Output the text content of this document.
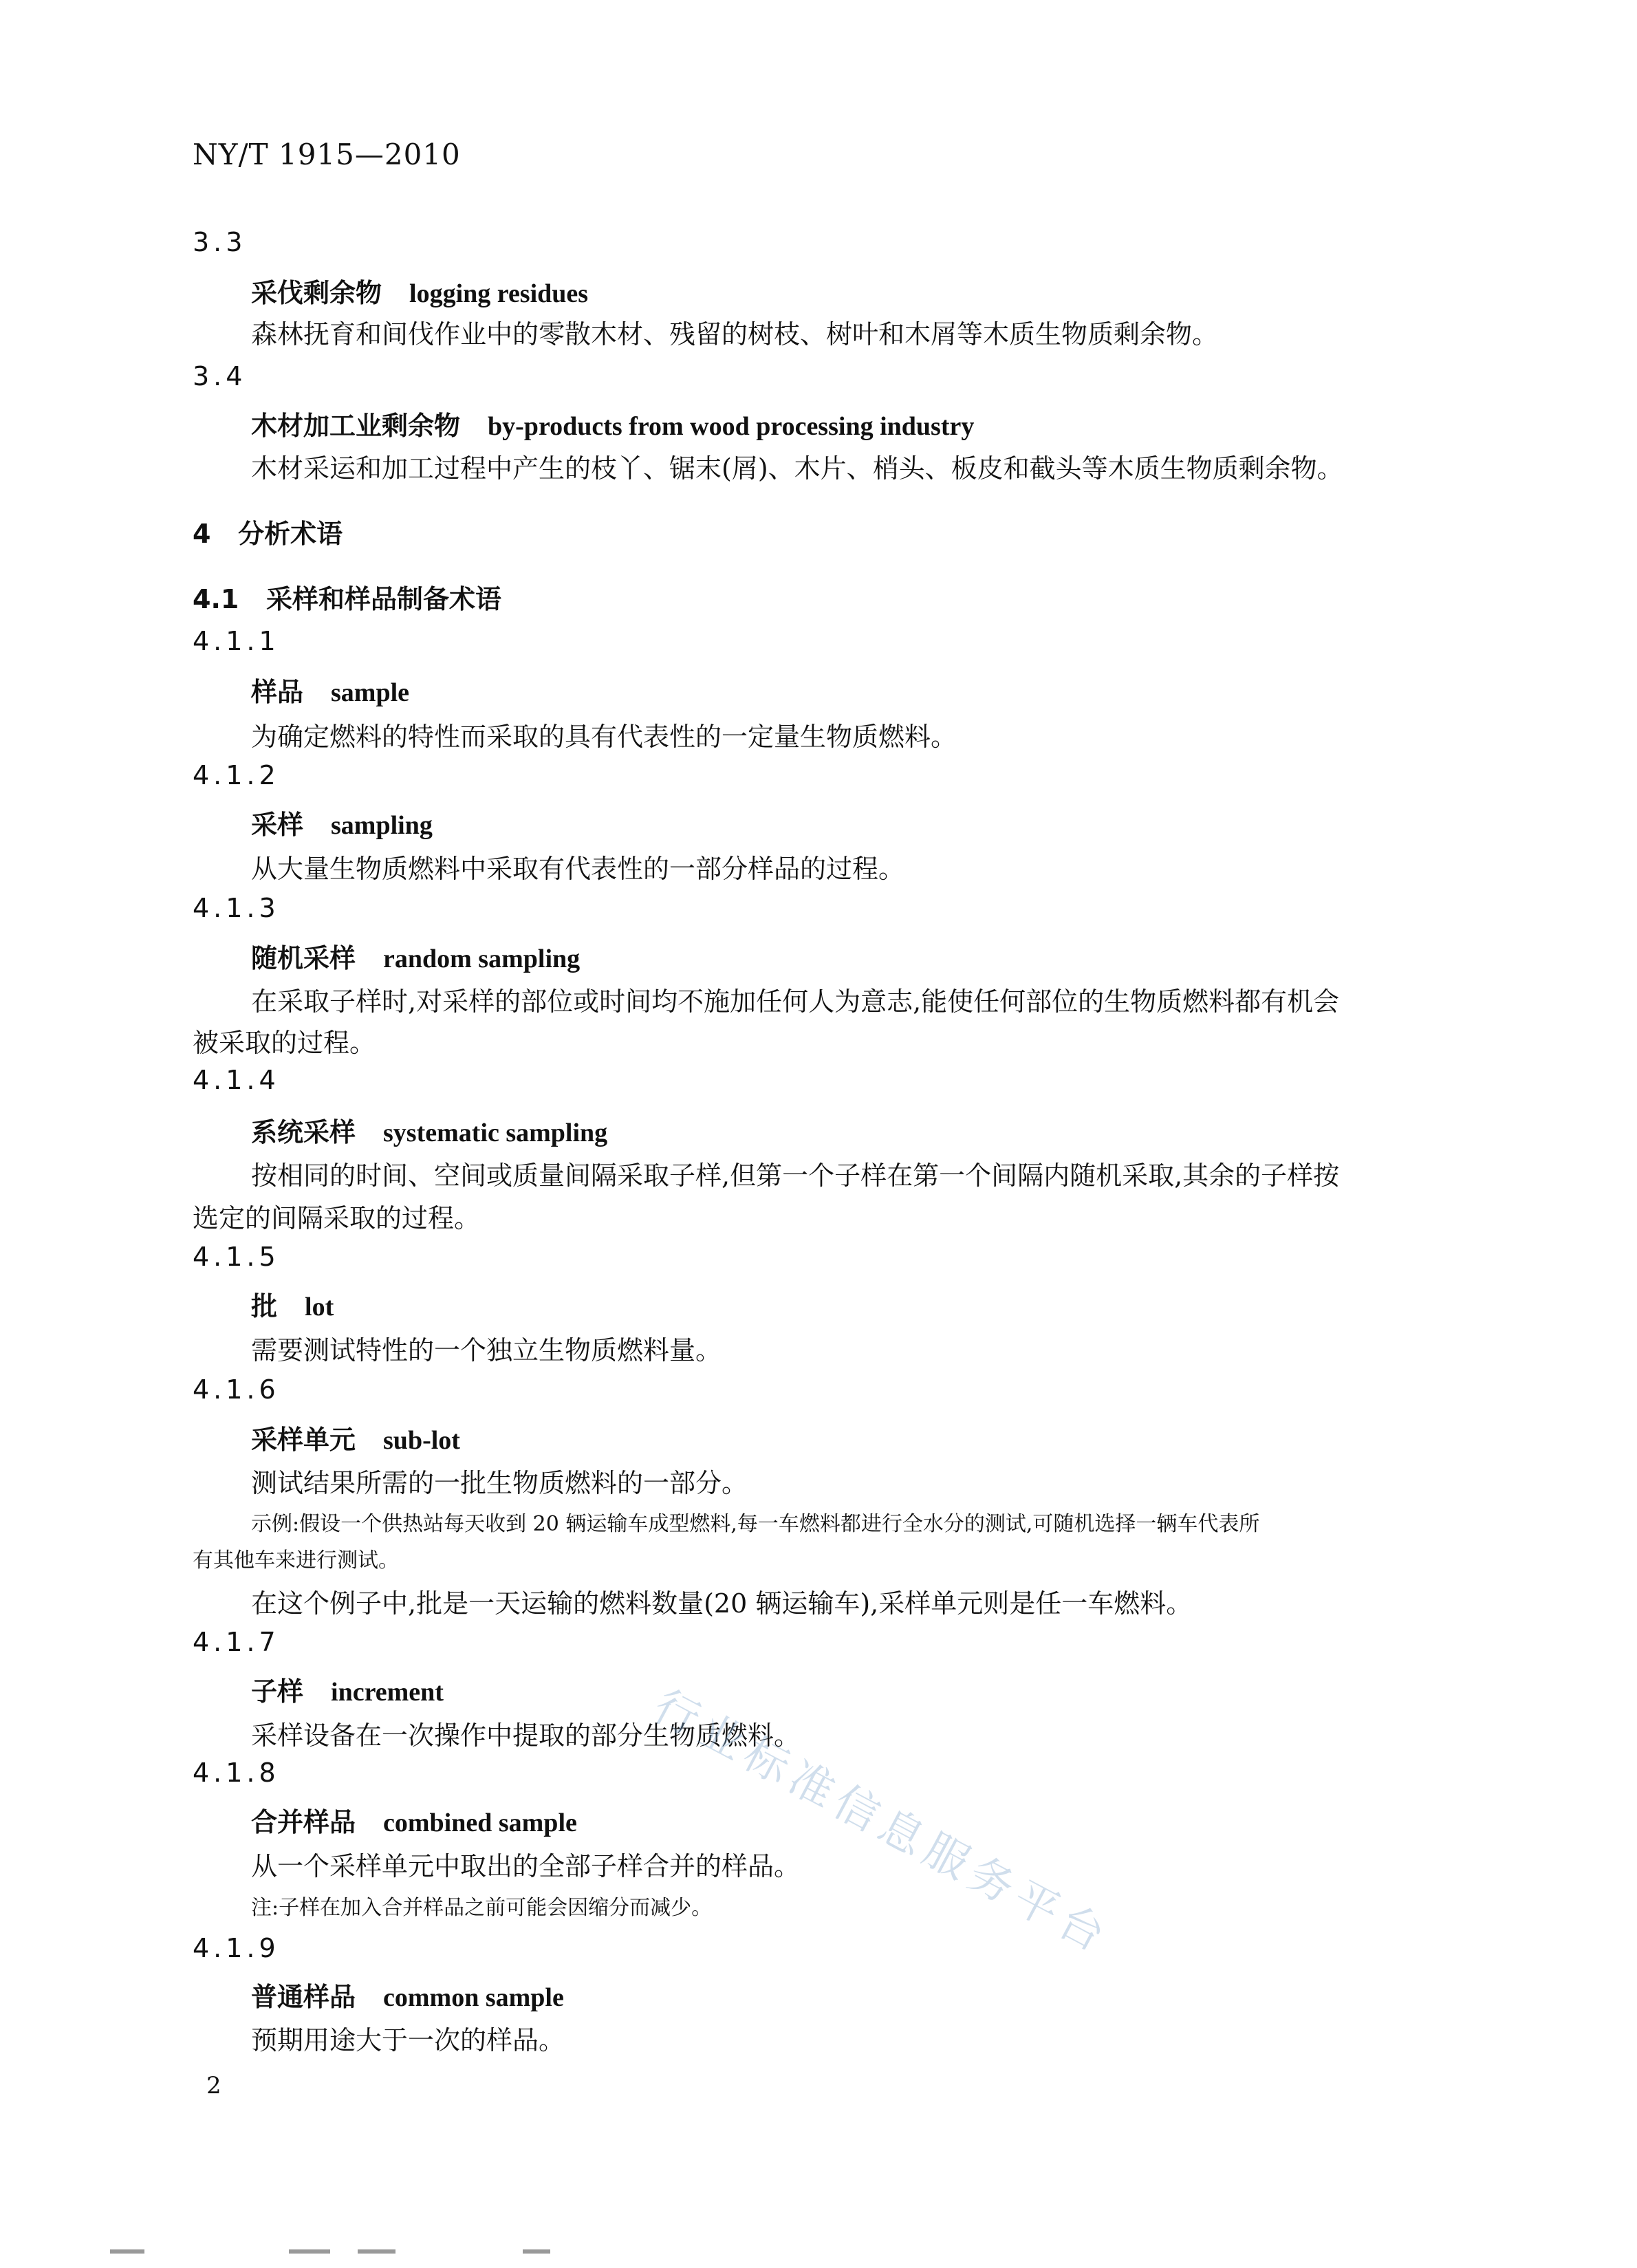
NY/T 1915—2010
3.3
采伐剩余物 logging residues
森林抚育和间伐作业中的零散木材、残留的树枝、树叶和木屑等木质生物质剩余物。
3.4
木材加工业剩余物 by-products from wood processing industry
木材采运和加工过程中产生的枝丫、锯末(屑)、木片、梢头、板皮和截头等木质生物质剩余物。
4   分析术语
4.1   采样和样品制备术语
4.1.1
样品 sample
为确定燃料的特性而采取的具有代表性的一定量生物质燃料。
4.1.2
采样 sampling
从大量生物质燃料中采取有代表性的一部分样品的过程。
4.1.3
随机采样 random sampling
在采取子样时,对采样的部位或时间均不施加任何人为意志,能使任何部位的生物质燃料都有机会
被采取的过程。
4.1.4
系统采样 systematic sampling
按相同的时间、空间或质量间隔采取子样,但第一个子样在第一个间隔内随机采取,其余的子样按
选定的间隔采取的过程。
4.1.5
批 lot
需要测试特性的一个独立生物质燃料量。
4.1.6
采样单元 sub-lot
测试结果所需的一批生物质燃料的一部分。
示例:假设一个供热站每天收到 20 辆运输车成型燃料,每一车燃料都进行全水分的测试,可随机选择一辆车代表所
有其他车来进行测试。
在这个例子中,批是一天运输的燃料数量(20 辆运输车),采样单元则是任一车燃料。
4.1.7
子样 increment
采样设备在一次操作中提取的部分生物质燃料。
4.1.8
合并样品 combined sample
从一个采样单元中取出的全部子样合并的样品。
注:子样在加入合并样品之前可能会因缩分而减少。
4.1.9
普通样品 common sample
预期用途大于一次的样品。
行业标准信息服务平台
2
